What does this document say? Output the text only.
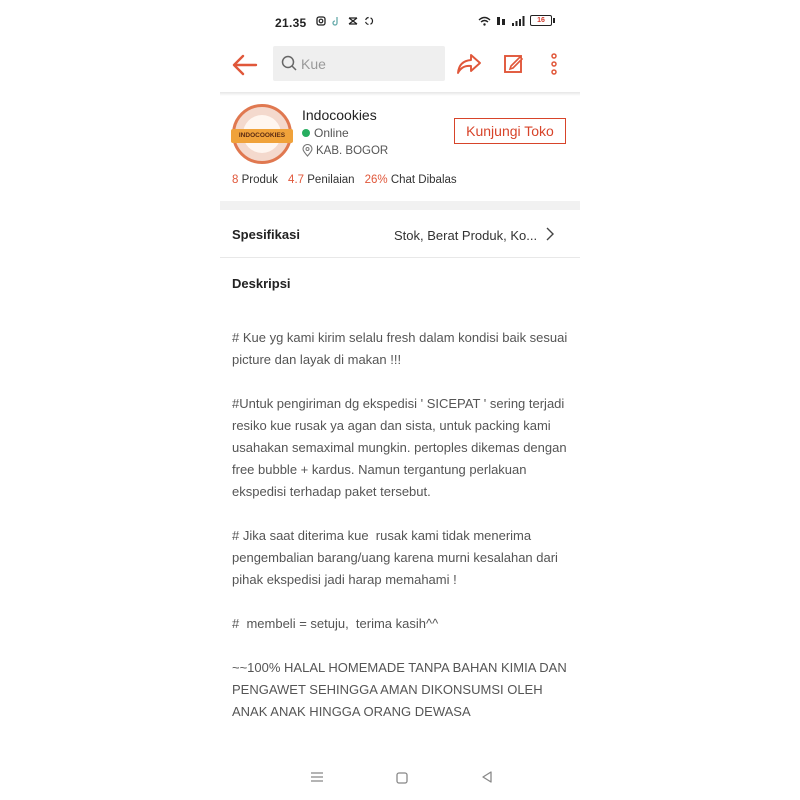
21.35	16
Kue
INDOCOOKIES
Indocookies
Online
KAB. BOGOR
Kunjungi Toko
8 Produk 4.7 Penilaian 26% Chat Dibalas
Spesifikasi	Stok, Berat Produk, Ko...
Deskripsi

# Kue yg kami kirim selalu fresh dalam kondisi baik sesuai picture dan layak di makan !!!

#Untuk pengiriman dg ekspedisi ' SICEPAT ' sering terjadi  resiko kue rusak ya agan dan sista, untuk packing kami usahakan semaximal mungkin. pertoples dikemas dengan free bubble + kardus. Namun tergantung perlakuan ekspedisi terhadap paket tersebut.

# Jika saat diterima kue  rusak kami tidak menerima pengembalian barang/uang karena murni kesalahan dari pihak ekspedisi jadi harap memahami !

#  membeli = setuju,  terima kasih^^

~~100% HALAL HOMEMADE TANPA BAHAN KIMIA DAN PENGAWET SEHINGGA AMAN DIKONSUMSI OLEH ANAK ANAK HINGGA ORANG DEWASA
